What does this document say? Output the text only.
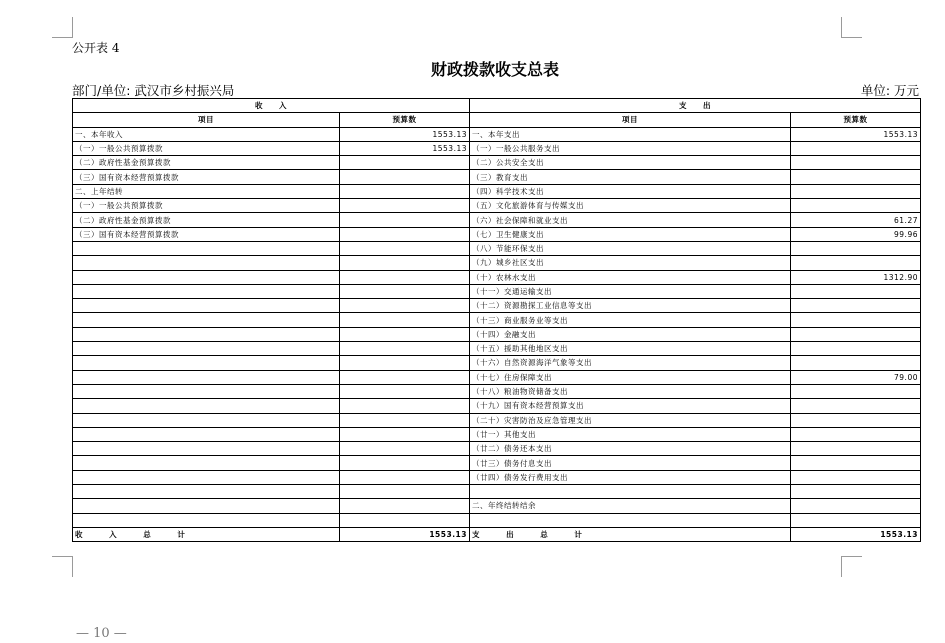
公开表 4
财政拨款收支总表
部门/单位: 武汉市乡村振兴局	单位: 万元
收　　入		支　　出	
项目	预算数	项目	预算数
一、本年收入	1553.13	一、本年支出	1553.13
（一）一般公共预算拨款	1553.13	（一）一般公共服务支出	
（二）政府性基金预算拨款		（二）公共安全支出	
（三）国有资本经营预算拨款		（三）教育支出	
二、上年结转		（四）科学技术支出	
（一）一般公共预算拨款		（五）文化旅游体育与传媒支出	
（二）政府性基金预算拨款		（六）社会保障和就业支出	61.27
（三）国有资本经营预算拨款		（七）卫生健康支出	99.96
		（八）节能环保支出	
		（九）城乡社区支出	
		（十）农林水支出	1312.90
		（十一）交通运输支出	
		（十二）资源勘探工业信息等支出	
		（十三）商业服务业等支出	
		（十四）金融支出	
		（十五）援助其他地区支出	
		（十六）自然资源海洋气象等支出	
		（十七）住房保障支出	79.00
		（十八）粮油物资储备支出	
		（十九）国有资本经营预算支出	
		（二十）灾害防治及应急管理支出	
		（廿一）其他支出	
		（廿二）债务还本支出	
		（廿三）债务付息支出	
		（廿四）债务发行费用支出	

		二、年终结转结余	

收 入 总 计	1553.13	支 出 总 计	1553.13
— 10 —
